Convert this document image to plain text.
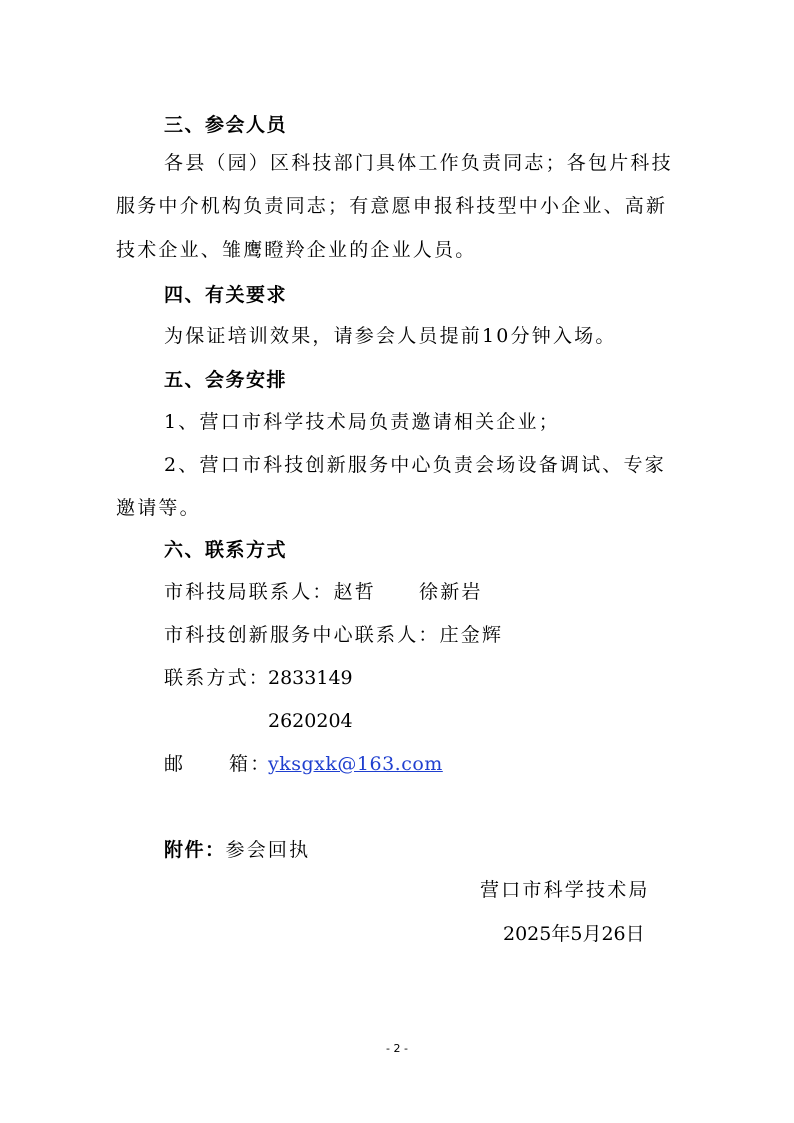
三、参会人员
各县（园）区科技部门具体工作负责同志；各包片科技
服务中介机构负责同志；有意愿申报科技型中小企业、高新
技术企业、雏鹰瞪羚企业的企业人员。
四、有关要求
为保证培训效果，请参会人员提前10分钟入场。
五、会务安排
1、营口市科学技术局负责邀请相关企业；
2、营口市科技创新服务中心负责会场设备调试、专家
邀请等。
六、联系方式
市科技局联系人：赵哲 徐新岩
市科技创新服务中心联系人：庄金辉
联系方式：
2833149
2620204
邮 箱：
yksgxk@163.com
附件：参会回执
营口市科学技术局
2025年5月26日
- 2 -
